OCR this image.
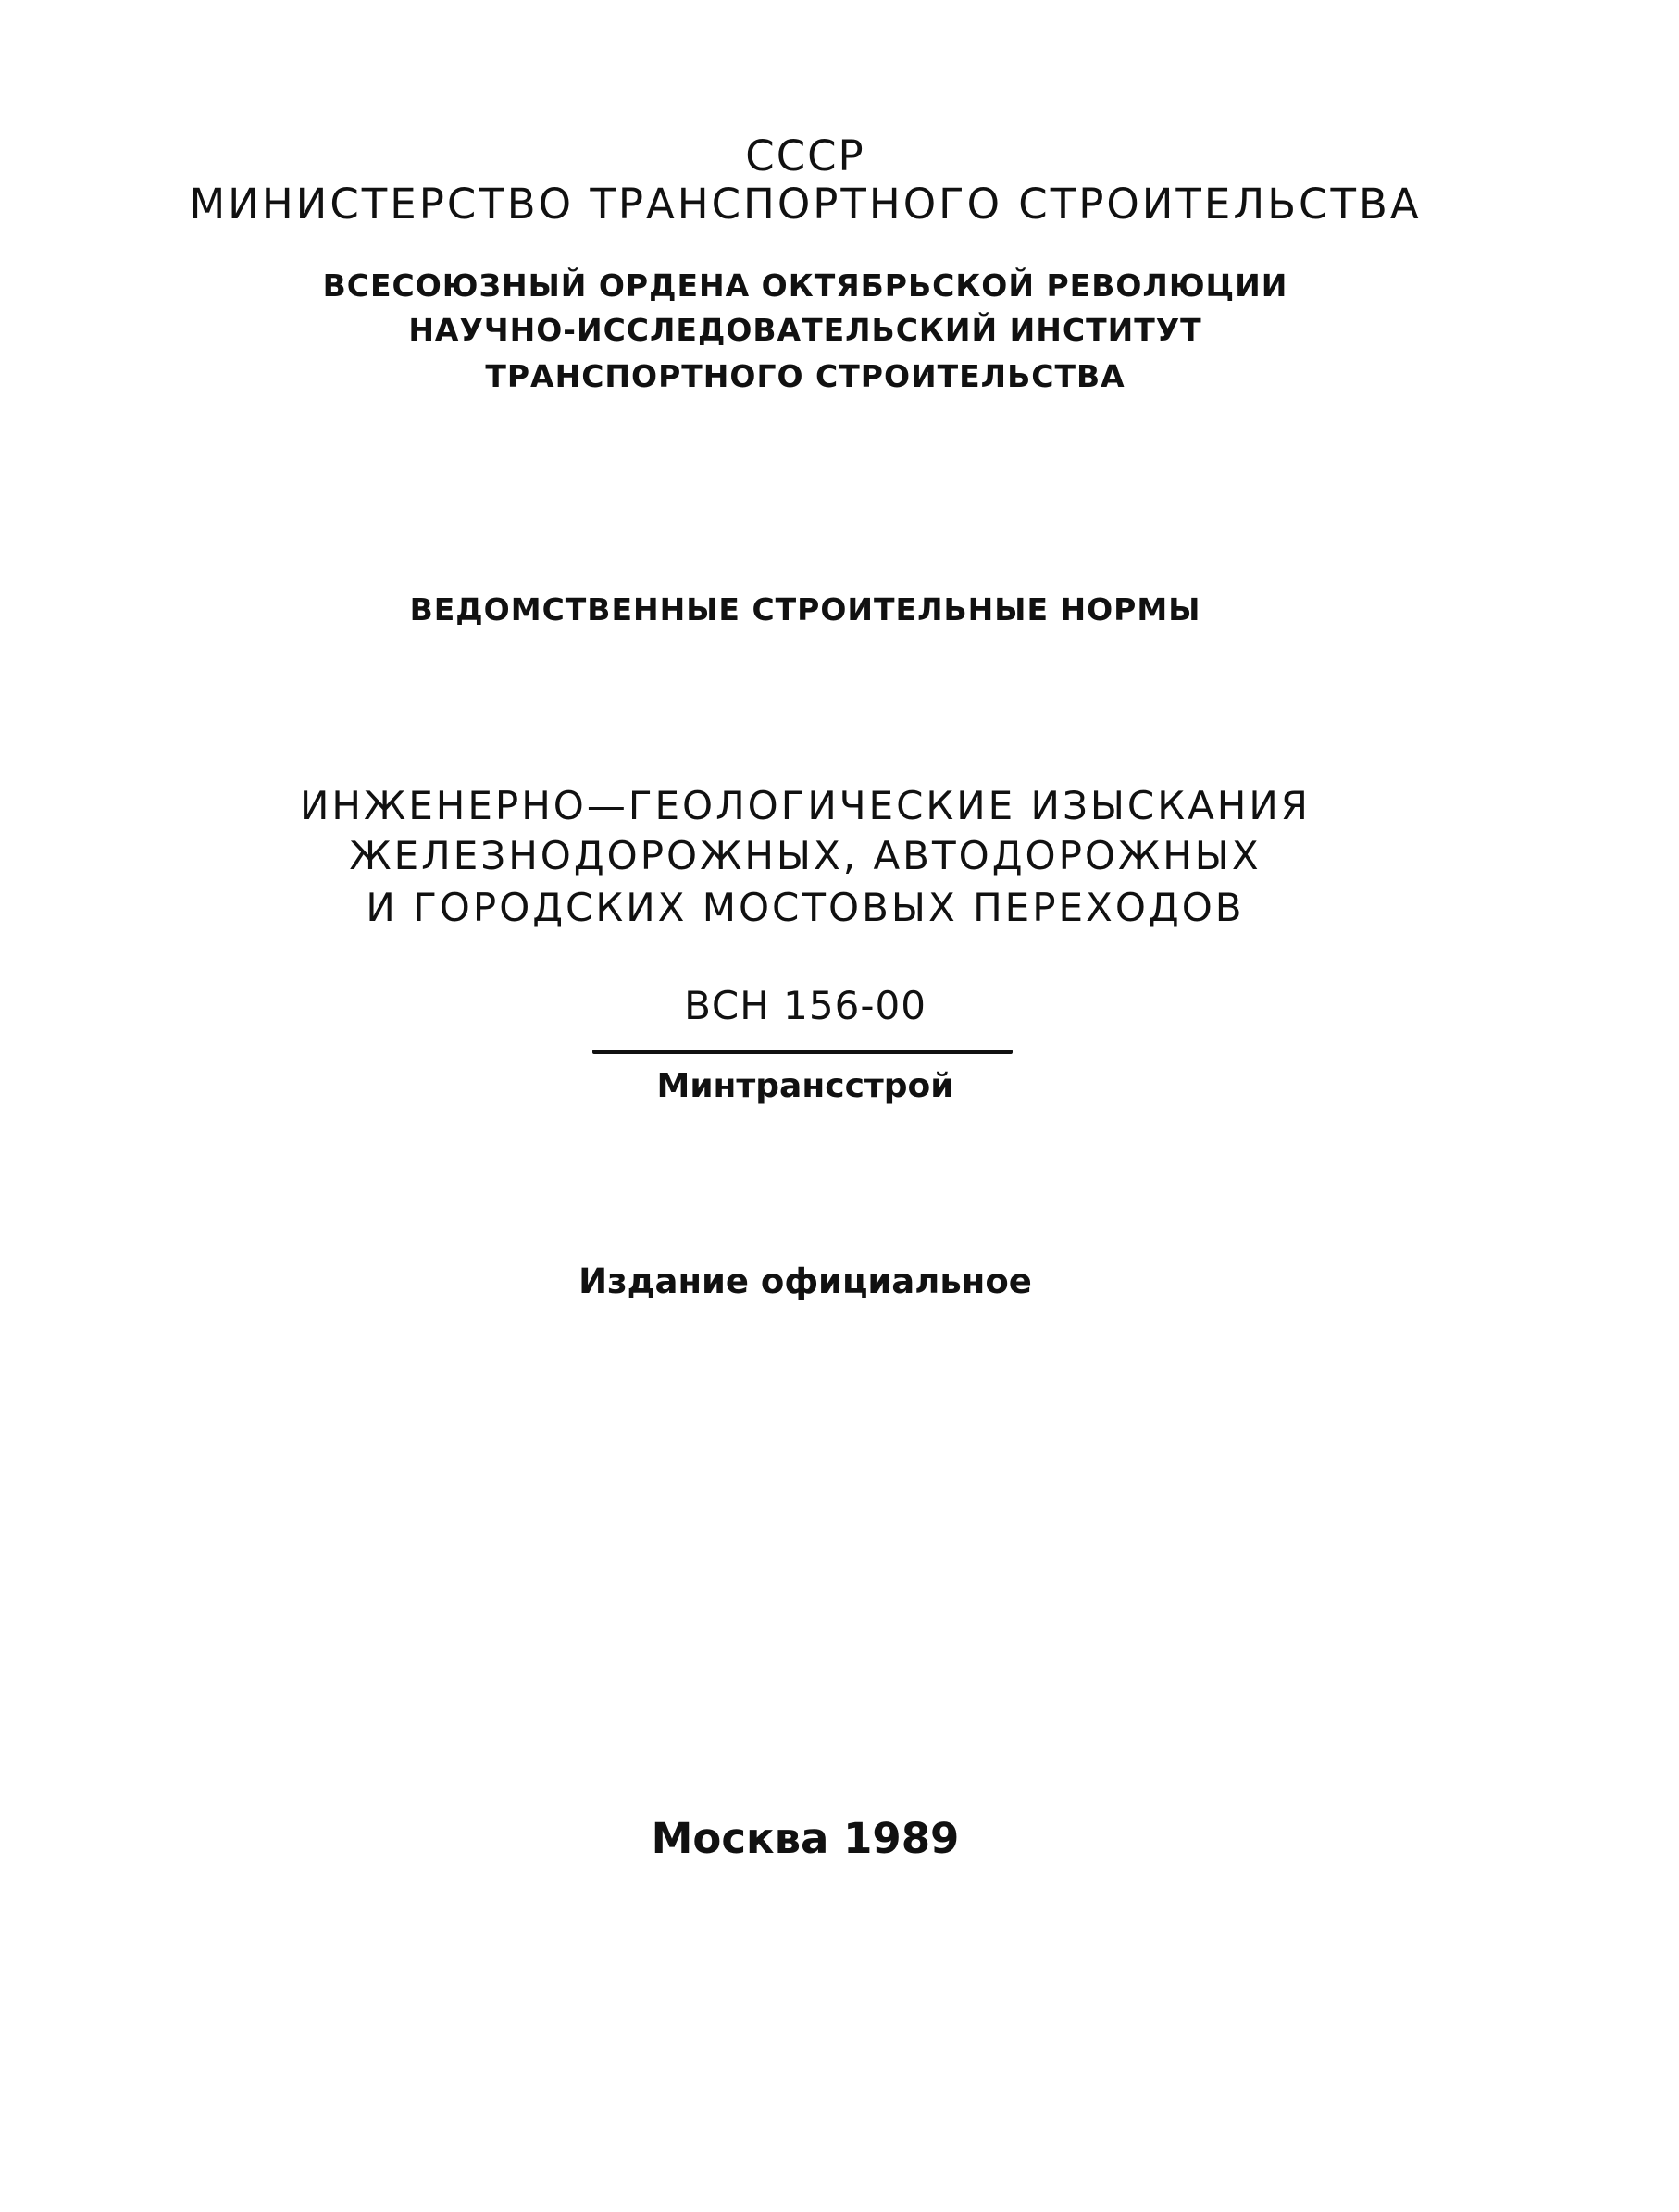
СССР
МИНИСТЕРСТВО ТРАНСПОРТНОГО СТРОИТЕЛЬСТВА
ВСЕСОЮЗНЫЙ ОРДЕНА ОКТЯБРЬСКОЙ РЕВОЛЮЦИИ
НАУЧНО-ИССЛЕДОВАТЕЛЬСКИЙ ИНСТИТУТ
ТРАНСПОРТНОГО СТРОИТЕЛЬСТВА
ВЕДОМСТВЕННЫЕ СТРОИТЕЛЬНЫЕ НОРМЫ
ИНЖЕНЕРНО—ГЕОЛОГИЧЕСКИЕ ИЗЫСКАНИЯ
ЖЕЛЕЗНОДОРОЖНЫХ, АВТОДОРОЖНЫХ
И ГОРОДСКИХ МОСТОВЫХ ПЕРЕХОДОВ
ВСН 156-00
Минтрансстрой
Издание официальное
Москва 1989
